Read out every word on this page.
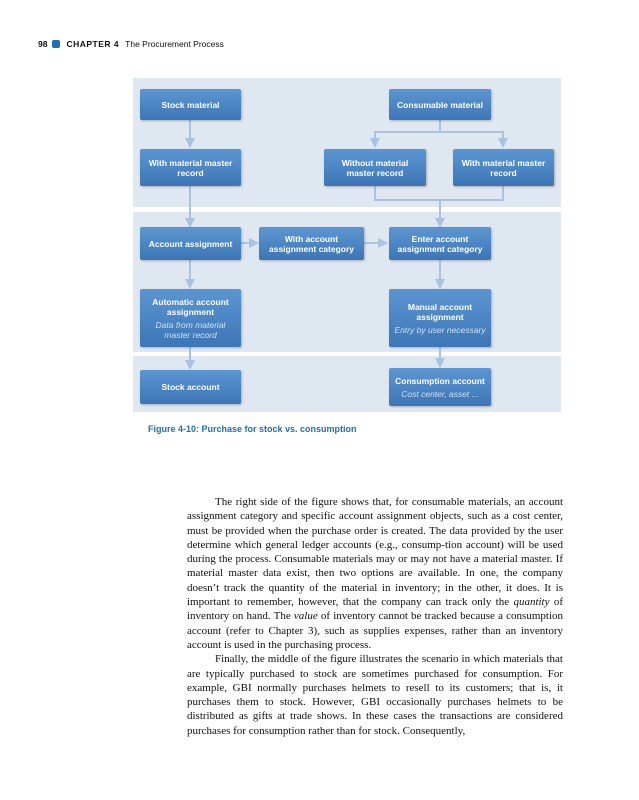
98 CHAPTER 4 The Procurement Process
Stock material	Consumable material
With material master record
Without material master record
With material master record
Account assignment	With account assignment category
Enter account assignment category
Automatic account assignment
Data from material master record
Manual account assignment
Entry by user necessary
Stock account
Consumption account
Cost center, asset ...
Figure 4-10: Purchase for stock vs. consumption

The right side of the figure shows that, for consumable materials, an account assignment category and specific account assignment objects, such as a cost center, must be provided when the purchase order is created. The data provided by the user determine which general ledger accounts (e.g., consump-tion account) will be used during the process. Consumable materials may or may not have a material master. If material master data exist, then two options are available. In one, the company doesn’t track the quantity of the material in inventory; in the other, it does. It is important to remember, however, that the company can track only the quantity of inventory on hand. The value of inventory cannot be tracked because a consumption account (refer to Chapter 3), such as supplies expenses, rather than an inventory account is used in the purchasing process.

Finally, the middle of the figure illustrates the scenario in which materials that are typically purchased to stock are sometimes purchased for consumption. For example, GBI normally purchases helmets to resell to its customers; that is, it purchases them to stock. However, GBI occasionally purchases helmets to be distributed as gifts at trade shows. In these cases the transactions are considered purchases for consumption rather than for stock. Consequently,
